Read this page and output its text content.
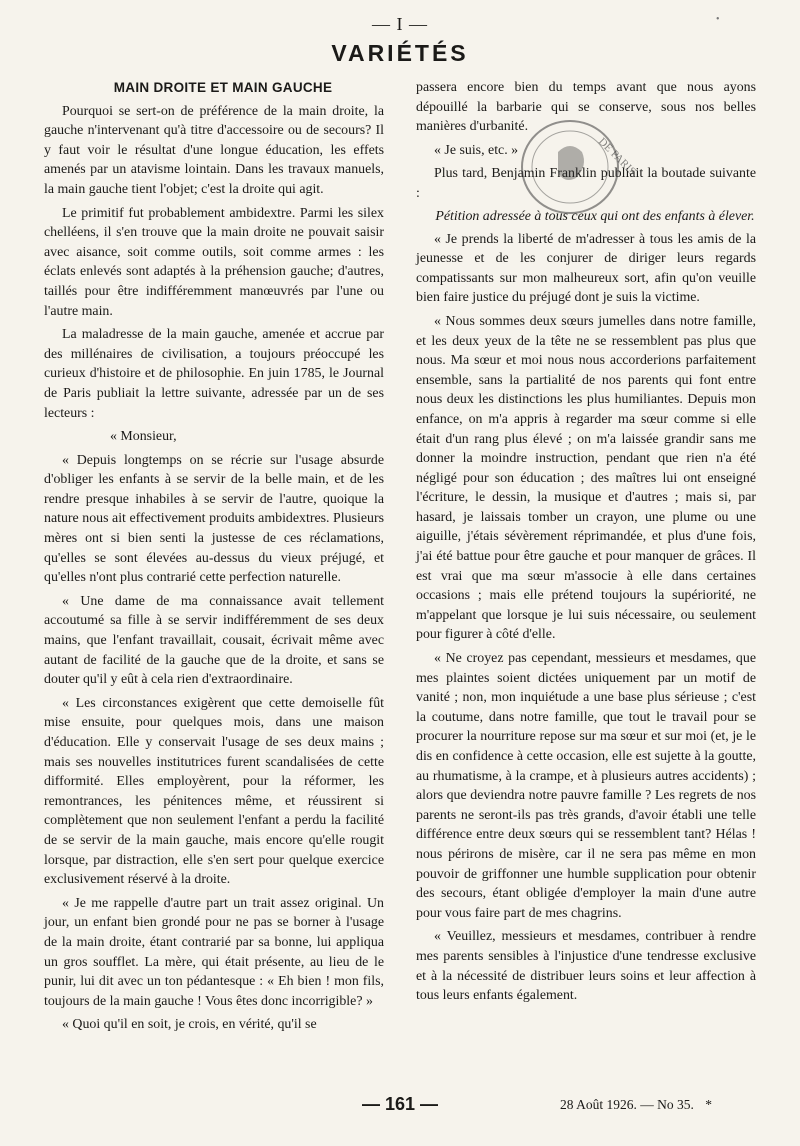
— I —	•
VARIÉTÉS

MAIN DROITE ET MAIN GAUCHE

Pourquoi se sert-on de préférence de la main droite, la gauche n'intervenant qu'à titre d'accessoire ou de secours? Il y faut voir le résultat d'une longue éducation, les effets amenés par un atavisme lointain. Dans les travaux manuels, la main gauche tient l'objet; c'est la droite qui agit.

Le primitif fut probablement ambidextre. Parmi les silex chelléens, il s'en trouve que la main droite ne pouvait saisir avec aisance, soit comme outils, soit comme armes : les éclats enlevés sont adaptés à la préhension gauche; d'autres, taillés pour être indifféremment manœuvrés par l'une ou l'autre main.

La maladresse de la main gauche, amenée et accrue par des millénaires de civilisation, a toujours préoccupé les curieux d'histoire et de philosophie. En juin 1785, le Journal de Paris publiait la lettre suivante, adressée par un de ses lecteurs :

« Monsieur,

« Depuis longtemps on se récrie sur l'usage absurde d'obliger les enfants à se servir de la belle main, et de les rendre presque inhabiles à se servir de l'autre, quoique la nature nous ait effectivement produits ambidextres. Plusieurs mères ont si bien senti la justesse de ces réclamations, qu'elles se sont élevées au-dessus du vieux préjugé, et qu'elles n'ont plus contrarié cette perfection naturelle.

« Une dame de ma connaissance avait tellement accoutumé sa fille à se servir indifféremment de ses deux mains, que l'enfant travaillait, cousait, écrivait même avec autant de facilité de la gauche que de la droite, et sans se douter qu'il y eût à cela rien d'extraordinaire.

« Les circonstances exigèrent que cette demoiselle fût mise ensuite, pour quelques mois, dans une maison d'éducation. Elle y conservait l'usage de ses deux mains ; mais ses nouvelles institutrices furent scandalisées de cette difformité. Elles employèrent, pour la réformer, les remontrances, les pénitences même, et réussirent si complètement que non seulement l'enfant a perdu la facilité de se servir de la main gauche, mais encore qu'elle rougit lorsque, par distraction, elle s'en sert pour quelque exercice exclusivement réservé à la droite.

« Je me rappelle d'autre part un trait assez original. Un jour, un enfant bien grondé pour ne pas se borner à l'usage de la main droite, étant contrarié par sa bonne, lui appliqua un gros soufflet. La mère, qui était présente, au lieu de le punir, lui dit avec un ton pédantesque : « Eh bien ! mon fils, toujours de la main gauche ! Vous êtes donc incorrigible? »

« Quoi qu'il en soit, je crois, en vérité, qu'il se

passera encore bien du temps avant que nous ayons dépouillé la barbarie qui se conserve, sous nos belles manières d'urbanité.

« Je suis, etc. »

Plus tard, Benjamin Franklin publiait la boutade suivante :

Pétition adressée à tous ceux qui ont des enfants à élever.

« Je prends la liberté de m'adresser à tous les amis de la jeunesse et de les conjurer de diriger leurs regards compatissants sur mon malheureux sort, afin qu'on veuille bien faire justice du préjugé dont je suis la victime.

« Nous sommes deux sœurs jumelles dans notre famille, et les deux yeux de la tête ne se ressemblent pas plus que nous. Ma sœur et moi nous nous accorderions parfaitement ensemble, sans la partialité de nos parents qui font entre nous deux les distinctions les plus humiliantes. Depuis mon enfance, on m'a appris à regarder ma sœur comme si elle était d'un rang plus élevé ; on m'a laissée grandir sans me donner la moindre instruction, pendant que rien n'a été négligé pour son éducation ; des maîtres lui ont enseigné l'écriture, le dessin, la musique et d'autres ; mais si, par hasard, je laissais tomber un crayon, une plume ou une aiguille, j'étais sévèrement réprimandée, et plus d'une fois, j'ai été battue pour être gauche et pour manquer de grâces. Il est vrai que ma sœur m'associe à elle dans certaines occasions ; mais elle prétend toujours la supériorité, ne m'appelant que lorsque je lui suis nécessaire, ou seulement pour figurer à côté d'elle.

« Ne croyez pas cependant, messieurs et mesdames, que mes plaintes soient dictées uniquement par un motif de vanité ; non, mon inquiétude a une base plus sérieuse ; c'est la coutume, dans notre famille, que tout le travail pour se procurer la nourriture repose sur ma sœur et sur moi (et, je le dis en confidence à cette occasion, elle est sujette à la goutte, au rhumatisme, à la crampe, et à plusieurs autres accidents) ; alors que deviendra notre pauvre famille ? Les regrets de nos parents ne seront-ils pas très grands, d'avoir établi une telle différence entre deux sœurs qui se ressemblent tant? Hélas ! nous périrons de misère, car il ne sera pas même en mon pouvoir de griffonner une humble supplication pour obtenir des secours, étant obligée d'employer la main d'une autre pour vous faire part de mes chagrins.

« Veuillez, messieurs et mesdames, contribuer à rendre mes parents sensibles à l'injustice d'une tendresse exclusive et à la nécessité de distribuer leurs soins et leur affection à tous leurs enfants également.

DE PARIS
— 161 —	28 Août 1926. — No 35. *
